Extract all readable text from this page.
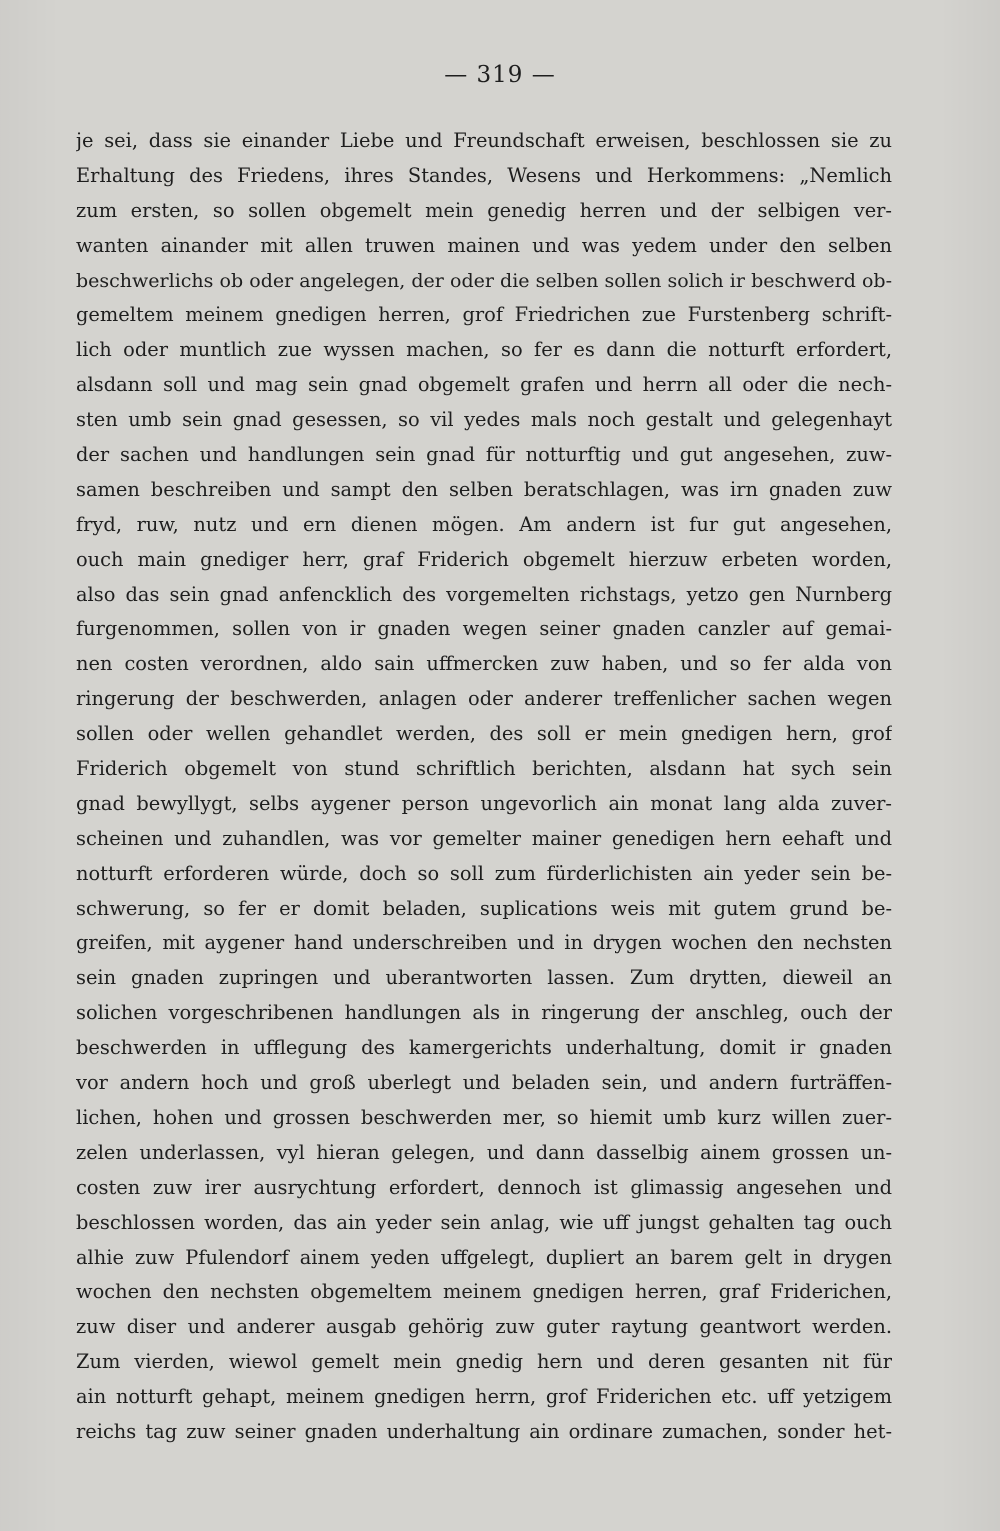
— 319 —
je sei, dass sie einander Liebe und Freundschaft erweisen, beschlossen sie zu
Erhaltung des Friedens, ihres Standes, Wesens und Herkommens: „Nemlich
zum ersten, so sollen obgemelt mein genedig herren und der selbigen ver-
wanten ainander mit allen truwen mainen und was yedem under den selben
beschwerlichs ob oder angelegen, der oder die selben sollen solich ir beschwerd ob-
gemeltem meinem gnedigen herren, grof Friedrichen zue Furstenberg schrift-
lich oder muntlich zue wyssen machen, so fer es dann die notturft erfordert,
alsdann soll und mag sein gnad obgemelt grafen und herrn all oder die nech-
sten umb sein gnad gesessen, so vil yedes mals noch gestalt und gelegenhayt
der sachen und handlungen sein gnad für notturftig und gut angesehen, zuw-
samen beschreiben und sampt den selben beratschlagen, was irn gnaden zuw
fryd, ruw, nutz und ern dienen mögen. Am andern ist fur gut angesehen,
ouch main gnediger herr, graf Friderich obgemelt hierzuw erbeten worden,
also das sein gnad anfencklich des vorgemelten richstags, yetzo gen Nurnberg
furgenommen, sollen von ir gnaden wegen seiner gnaden canzler auf gemai-
nen costen verordnen, aldo sain uffmercken zuw haben, und so fer alda von
ringerung der beschwerden, anlagen oder anderer treffenlicher sachen wegen
sollen oder wellen gehandlet werden, des soll er mein gnedigen hern, grof
Friderich obgemelt von stund schriftlich berichten, alsdann hat sych sein
gnad bewyllygt, selbs aygener person ungevorlich ain monat lang alda zuver-
scheinen und zuhandlen, was vor gemelter mainer genedigen hern eehaft und
notturft erforderen würde, doch so soll zum fürderlichisten ain yeder sein be-
schwerung, so fer er domit beladen, suplications weis mit gutem grund be-
greifen, mit aygener hand underschreiben und in drygen wochen den nechsten
sein gnaden zupringen und uberantworten lassen. Zum drytten, dieweil an
solichen vorgeschribenen handlungen als in ringerung der anschleg, ouch der
beschwerden in ufflegung des kamergerichts underhaltung, domit ir gnaden
vor andern hoch und groß uberlegt und beladen sein, und andern furträffen-
lichen, hohen und grossen beschwerden mer, so hiemit umb kurz willen zuer-
zelen underlassen, vyl hieran gelegen, und dann dasselbig ainem grossen un-
costen zuw irer ausrychtung erfordert, dennoch ist glimassig angesehen und
beschlossen worden, das ain yeder sein anlag, wie uff jungst gehalten tag ouch
alhie zuw Pfulendorf ainem yeden uffgelegt, dupliert an barem gelt in drygen
wochen den nechsten obgemeltem meinem gnedigen herren, graf Friderichen,
zuw diser und anderer ausgab gehörig zuw guter raytung geantwort werden.
Zum vierden, wiewol gemelt mein gnedig hern und deren gesanten nit für
ain notturft gehapt, meinem gnedigen herrn, grof Friderichen etc. uff yetzigem
reichs tag zuw seiner gnaden underhaltung ain ordinare zumachen, sonder het-
